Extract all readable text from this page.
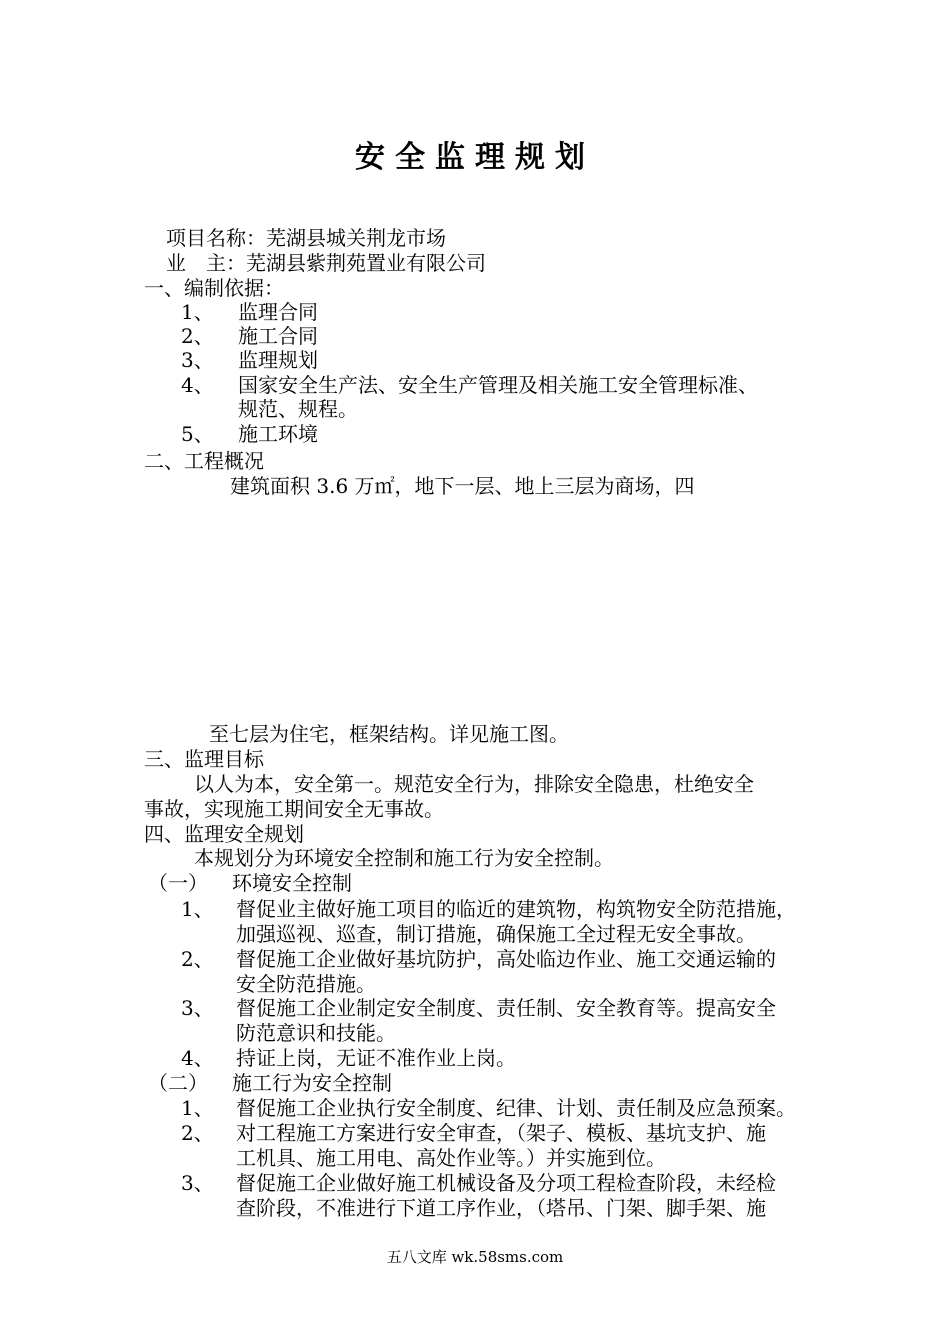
安全监理规划
项目名称：芜湖县城关荆龙市场
业　主：芜湖县紫荆苑置业有限公司
一、编制依据：
1、 监理合同
2、 施工合同
3、 监理规划
4、 国家安全生产法、安全生产管理及相关施工安全管理标准、
规范、规程。
5、 施工环境
二、工程概况
建筑面积 3.6 万㎡，地下一层、地上三层为商场，四
至七层为住宅，框架结构。详见施工图。
三、监理目标
以人为本，安全第一。规范安全行为，排除安全隐患，杜绝安全
事故，实现施工期间安全无事故。
四、监理安全规划
本规划分为环境安全控制和施工行为安全控制。
（一） 环境安全控制
1、 督促业主做好施工项目的临近的建筑物，构筑物安全防范措施，
加强巡视、巡查，制订措施，确保施工全过程无安全事故。
2、 督促施工企业做好基坑防护，高处临边作业、施工交通运输的
安全防范措施。
3、 督促施工企业制定安全制度、责任制、安全教育等。提高安全
防范意识和技能。
4、 持证上岗，无证不准作业上岗。
（二） 施工行为安全控制
1、 督促施工企业执行安全制度、纪律、计划、责任制及应急预案。
2、 对工程施工方案进行安全审查，（架子、模板、基坑支护、施
工机具、施工用电、高处作业等。）并实施到位。
3、 督促施工企业做好施工机械设备及分项工程检查阶段，未经检
查阶段，不准进行下道工序作业，（塔吊、门架、脚手架、施
五八文库 wk.58sms.com
